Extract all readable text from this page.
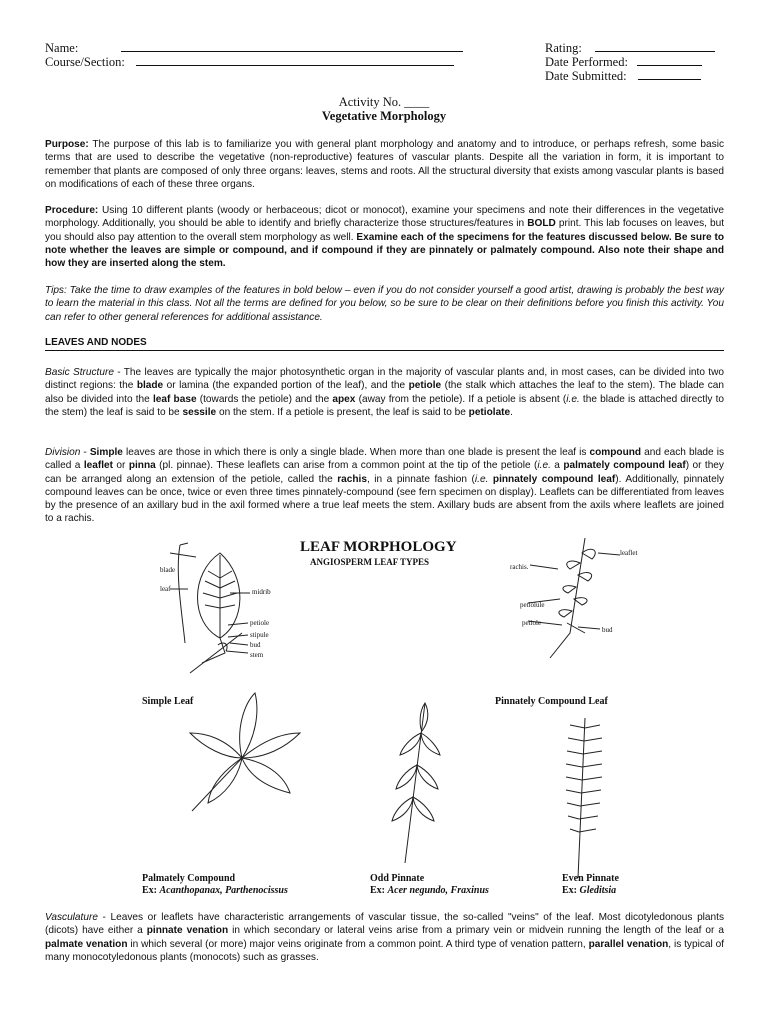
Name:
Course/Section:
Rating:
Date Performed:
Date Submitted:
Activity No. ____
Vegetative Morphology
Purpose: The purpose of this lab is to familiarize you with general plant morphology and anatomy and to introduce, or perhaps refresh, some basic terms that are used to describe the vegetative (non-reproductive) features of vascular plants. Despite all the variation in form, it is important to remember that plants are composed of only three organs: leaves, stems and roots. All the structural diversity that exists among vascular plants is based on modifications of each of these three organs.
Procedure: Using 10 different plants (woody or herbaceous; dicot or monocot), examine your specimens and note their differences in the vegetative morphology. Additionally, you should be able to identify and briefly characterize those structures/features in BOLD print. This lab focuses on leaves, but you should also pay attention to the overall stem morphology as well. Examine each of the specimens for the features discussed below. Be sure to note whether the leaves are simple or compound, and if compound if they are pinnately or palmately compound. Also note their shape and how they are inserted along the stem.
Tips: Take the time to draw examples of the features in bold below – even if you do not consider yourself a good artist, drawing is probably the best way to learn the material in this class. Not all the terms are defined for you below, so be sure to be clear on their definitions before you finish this activity. You can refer to other general references for additional assistance.
LEAVES AND NODES
Basic Structure - The leaves are typically the major photosynthetic organ in the majority of vascular plants and, in most cases, can be divided into two distinct regions: the blade or lamina (the expanded portion of the leaf), and the petiole (the stalk which attaches the leaf to the stem). The blade can also be divided into the leaf base (towards the petiole) and the apex (away from the petiole). If a petiole is absent (i.e. the blade is attached directly to the stem) the leaf is said to be sessile on the stem. If a petiole is present, the leaf is said to be petiolate.
Division - Simple leaves are those in which there is only a single blade. When more than one blade is present the leaf is compound and each blade is called a leaflet or pinna (pl. pinnae). These leaflets can arise from a common point at the tip of the petiole (i.e. a palmately compound leaf) or they can be arranged along an extension of the petiole, called the rachis, in a pinnate fashion (i.e. pinnately compound leaf). Additionally, pinnately compound leaves can be once, twice or even three times pinnately-compound (see fern specimen on display). Leaflets can be differentiated from leaves by the presence of an axillary bud in the axil formed where a true leaf meets the stem. Axillary buds are absent from the axils where leaflets are joined to a rachis.
LEAF MORPHOLOGY
ANGIOSPERM LEAF TYPES
blade
leaf	midrib
petiole
stipule
bud
stem
leaflet
rachis.
petiolule
petiole
bud
Simple Leaf	Pinnately Compound Leaf
Palmately Compound
Ex: Acanthopanax, Parthenocissus
Odd Pinnate
Ex: Acer negundo, Fraxinus
Even Pinnate
Ex: Gleditsia
Vasculature - Leaves or leaflets have characteristic arrangements of vascular tissue, the so-called "veins" of the leaf. Most dicotyledonous plants (dicots) have either a pinnate venation in which secondary or lateral veins arise from a primary vein or midvein running the length of the leaf or a palmate venation in which several (or more) major veins originate from a common point. A third type of venation pattern, parallel venation, is typical of many monocotyledonous plants (monocots) such as grasses.
